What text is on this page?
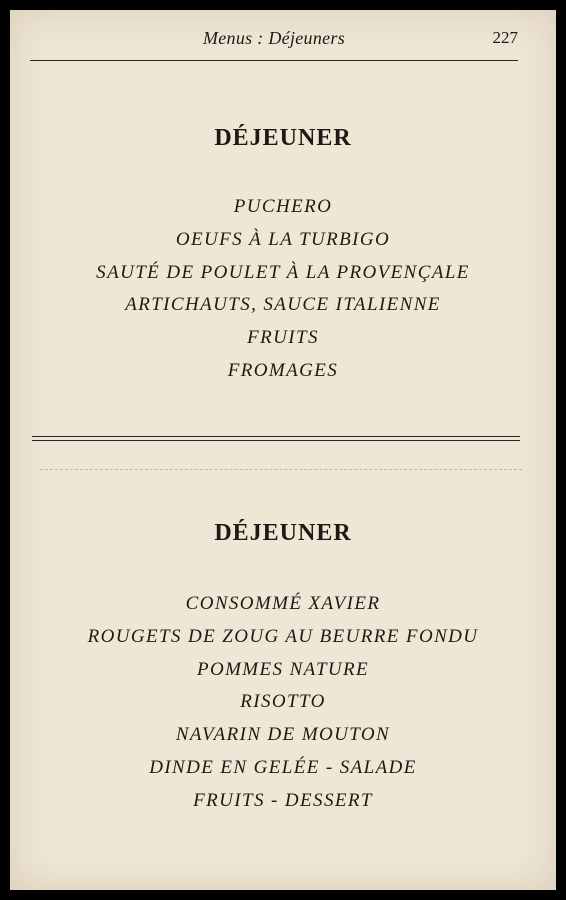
Menus : Déjeuners	227
DÉJEUNER
PUCHERO
OEUFS À LA TURBIGO
SAUTÉ DE POULET À LA PROVENÇALE
ARTICHAUTS, SAUCE ITALIENNE
FRUITS
FROMAGES
DÉJEUNER
CONSOMMÉ XAVIER
ROUGETS DE ZOUG AU BEURRE FONDU
POMMES NATURE
RISOTTO
NAVARIN DE MOUTON
DINDE EN GELÉE - SALADE
FRUITS - DESSERT
